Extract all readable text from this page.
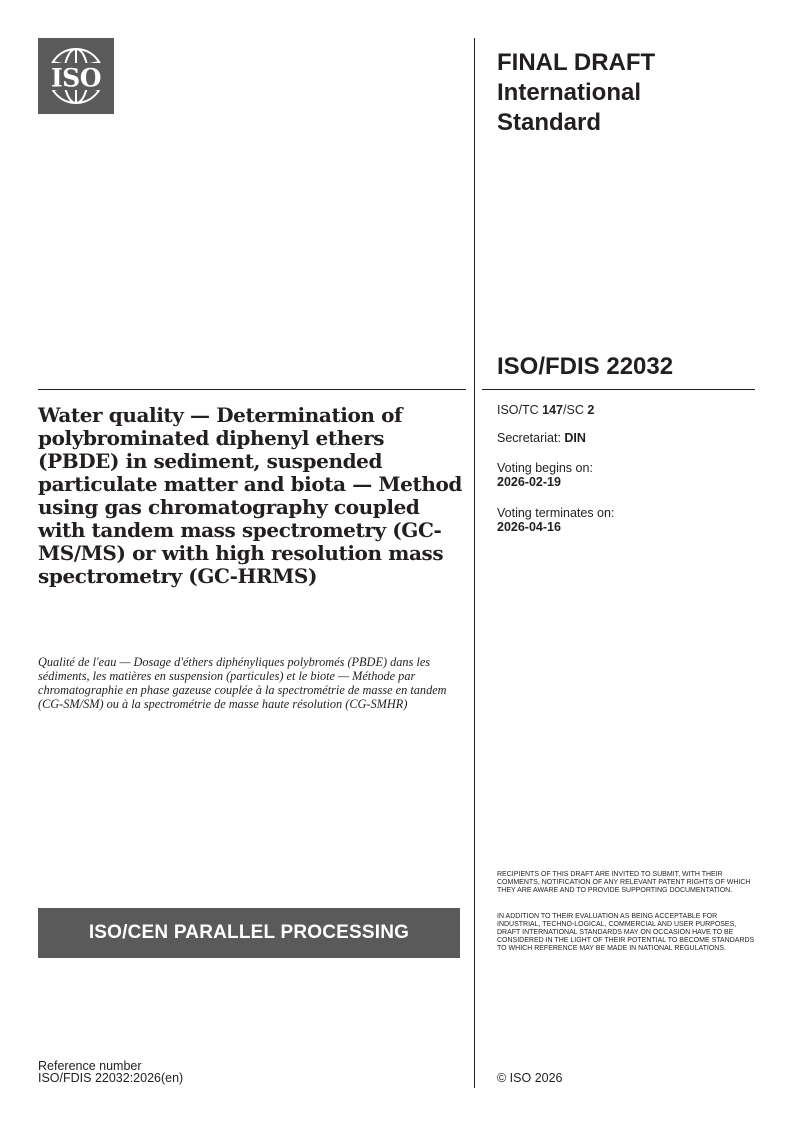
ISO
FINAL DRAFT
International
Standard
ISO/FDIS 22032
Water quality — Determination of polybrominated diphenyl ethers (PBDE) in sediment, suspended particulate matter and biota — Method using gas chromatography coupled with tandem mass spectrometry (GC-MS/MS) or with high resolution mass spectrometry (GC-HRMS)
Qualité de l'eau — Dosage d'éthers diphényliques polybromés (PBDE) dans les sédiments, les matières en suspension (particules) et le biote — Méthode par chromatographie en phase gazeuse couplée à la spectrométrie de masse en tandem (CG-SM/SM) ou à la spectrométrie de masse haute résolution (CG-SMHR)
ISO/TC 147/SC 2
Secretariat: DIN
Voting begins on:
2026-02-19
Voting terminates on:
2026-04-16
ISO/CEN PARALLEL PROCESSING
RECIPIENTS OF THIS DRAFT ARE INVITED TO SUBMIT, WITH THEIR COMMENTS, NOTIFICATION OF ANY RELEVANT PATENT RIGHTS OF WHICH THEY ARE AWARE AND TO PROVIDE SUPPORTING DOCUMENTATION.
IN ADDITION TO THEIR EVALUATION AS BEING ACCEPTABLE FOR INDUSTRIAL, TECHNO-LOGICAL, COMMERCIAL AND USER PURPOSES, DRAFT INTERNATIONAL STANDARDS MAY ON OCCASION HAVE TO BE CONSIDERED IN THE LIGHT OF THEIR POTENTIAL TO BECOME STANDARDS TO WHICH REFERENCE MAY BE MADE IN NATIONAL REGULATIONS.
Reference number
ISO/FDIS 22032:2026(en)	© ISO 2026
